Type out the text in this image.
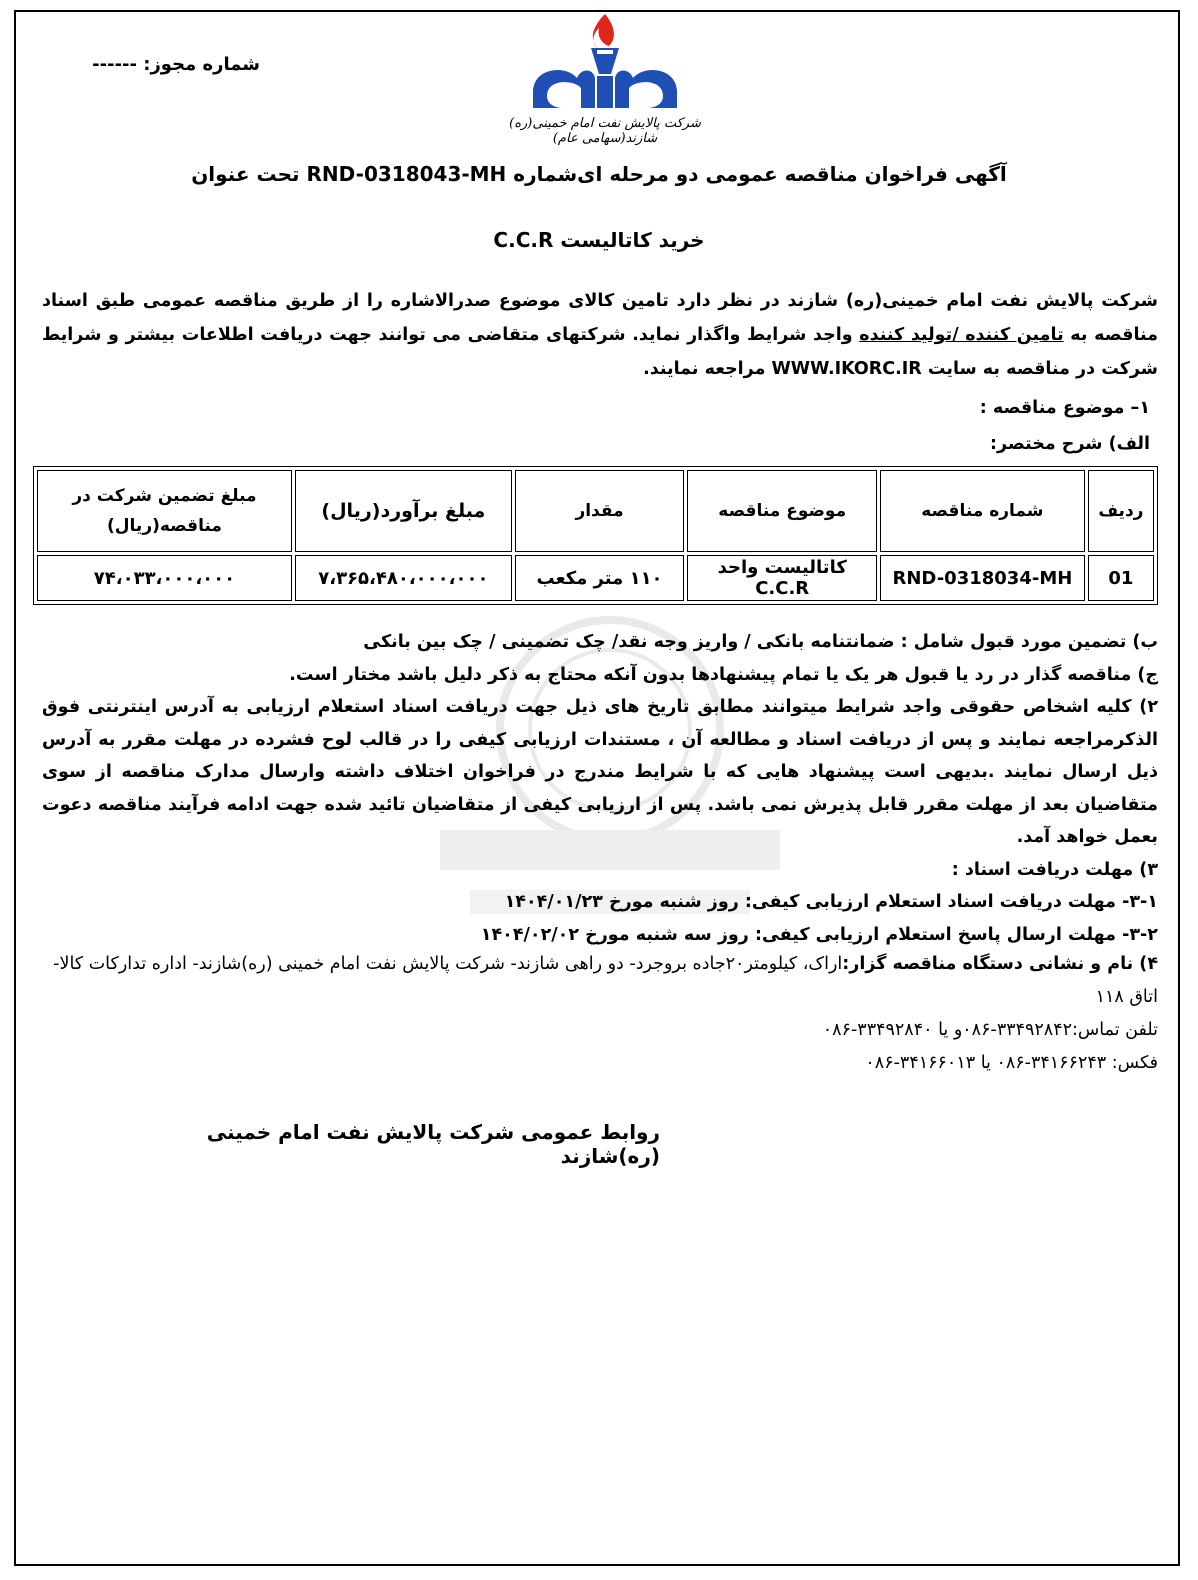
شماره مجوز: ------
شرکت پالایش نفت امام خمینی(ره) شازند(سهامی عام)
آگهی فراخوان مناقصه عمومی دو مرحله ای‌شماره RND-0318043-MH تحت عنوان
خرید کاتالیست C.C.R
شرکت پالایش نفت امام خمینی(ره) شازند در نظر دارد تامین کالای موضوع صدرالاشاره را از طریق مناقصه عمومی طبق اسناد مناقصه به تامین کننده /تولید کننده واجد شرایط واگذار نماید. شرکتهای متقاضی می توانند جهت دریافت اطلاعات بیشتر و شرایط شرکت در مناقصه به سایت WWW.IKORC.IR مراجعه نمایند.
۱– موضوع مناقصه :
الف) شرح مختصر:
ردیف	شماره مناقصه	موضوع مناقصه	مقدار	مبلغ برآورد(ریال)	مبلغ تضمین شرکت در مناقصه(ریال)
01	RND-0318034-MH	کاتالیست واحد C.C.R	۱۱۰ متر مکعب	۷،۳۶۵،۴۸۰،۰۰۰،۰۰۰	۷۴،۰۳۳،۰۰۰،۰۰۰

ب) تضمین مورد قبول شامل : ضمانتنامه بانکی / واریز وجه نقد/ چک تضمینی / چک بین بانکی

ج) مناقصه گذار در رد یا قبول هر یک یا تمام پیشنهادها بدون آنکه محتاج به ذکر دلیل باشد مختار است.

۲) کلیه اشخاص حقوقی واجد شرایط میتوانند مطابق تاریخ های ذیل جهت دریافت اسناد استعلام ارزیابی به آدرس اینترنتی فوق الذکرمراجعه نمایند و پس از دریافت اسناد و مطالعه آن ، مستندات ارزیابی کیفی را در قالب لوح فشرده در مهلت مقرر به آدرس ذیل ارسال نمایند .بدیهی است پیشنهاد هایی که با شرایط مندرج در فراخوان اختلاف داشته وارسال مدارک مناقصه از سوی متقاضیان بعد از مهلت مقرر قابل پذیرش نمی باشد. پس از ارزیابی کیفی از متقاضیان تائید شده جهت ادامه فرآیند مناقصه دعوت بعمل خواهد آمد.

۳) مهلت دریافت اسناد :

۳-۱- مهلت دریافت اسناد استعلام ارزیابی کیفی: روز شنبه مورخ ۱۴۰۴/۰۱/۲۳

۳-۲- مهلت ارسال پاسخ استعلام ارزیابی کیفی: روز سه شنبه مورخ ۱۴۰۴/۰۲/۰۲

۴) نام و نشانی دستگاه مناقصه گزار:اراک، کیلومتر۲۰جاده بروجرد- دو راهی شازند- شرکت پالایش نفت امام خمینی (ره)شازند- اداره تدارکات کالا- اتاق ۱۱۸

تلفن تماس:۳۳۴۹۲۸۴۲-۰۸۶و یا ۳۳۴۹۲۸۴۰-۰۸۶

فکس: ۳۴۱۶۶۲۴۳-۰۸۶ یا ۳۴۱۶۶۰۱۳-۰۸۶

روابط عمومی شرکت پالایش نفت امام خمینی (ره)شازند
